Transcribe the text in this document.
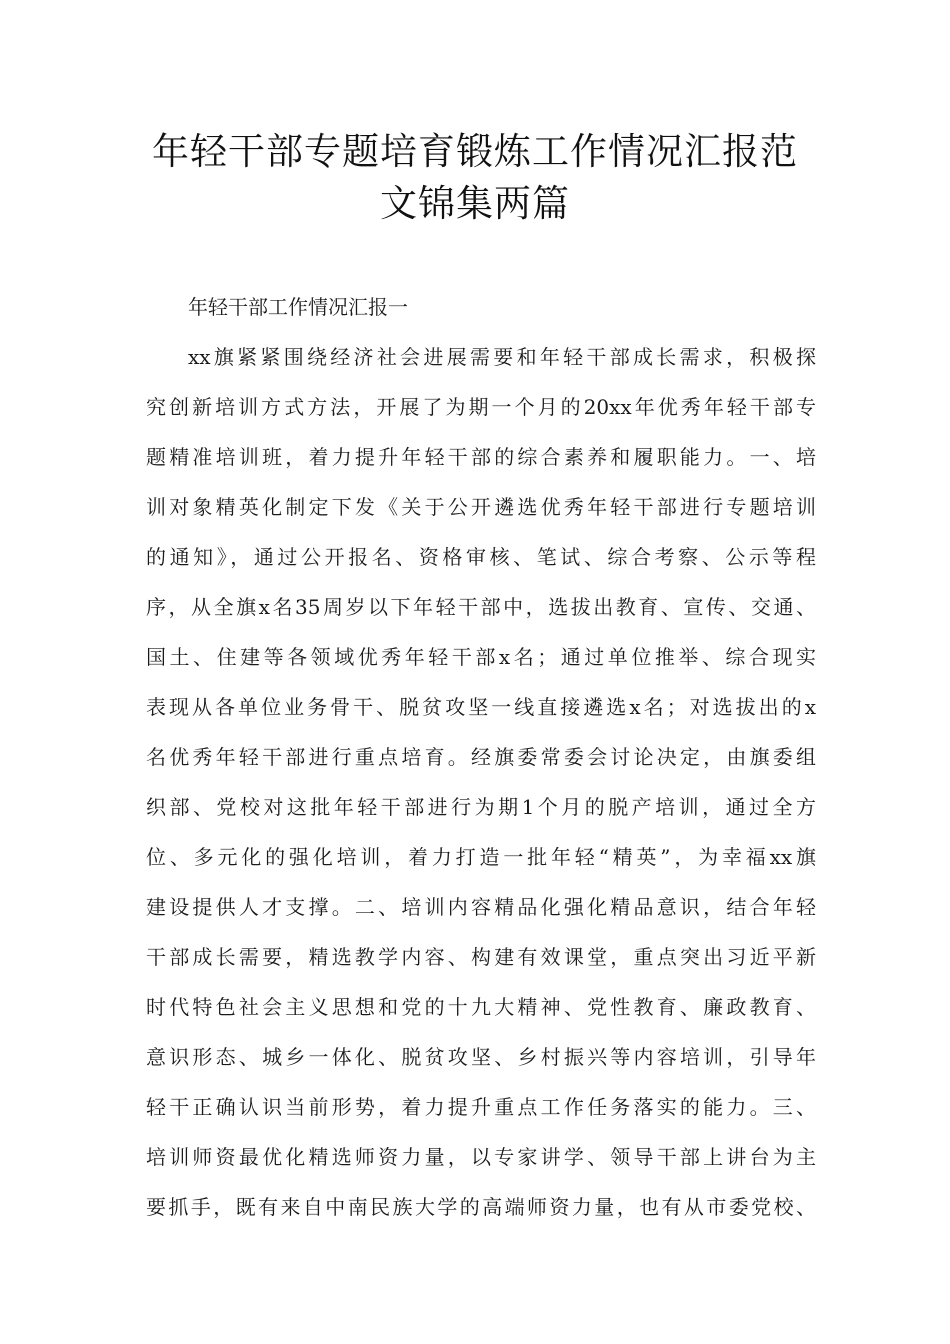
年轻干部专题培育锻炼工作情况汇报范
文锦集两篇
年轻干部工作情况汇报一
xx旗紧紧围绕经济社会进展需要和年轻干部成长需求，积极探
究创新培训方式方法，开展了为期一个月的20xx年优秀年轻干部专
题精准培训班，着力提升年轻干部的综合素养和履职能力。一、培
训对象精英化制定下发《关于公开遴选优秀年轻干部进行专题培训
的通知》，通过公开报名、资格审核、笔试、综合考察、公示等程
序，从全旗x名35周岁以下年轻干部中，选拔出教育、宣传、交通、
国土、住建等各领域优秀年轻干部x名；通过单位推举、综合现实
表现从各单位业务骨干、脱贫攻坚一线直接遴选x名；对选拔出的x
名优秀年轻干部进行重点培育。经旗委常委会讨论决定，由旗委组
织部、党校对这批年轻干部进行为期1个月的脱产培训，通过全方
位、多元化的强化培训，着力打造一批年轻“精英”，为幸福xx旗
建设提供人才支撑。二、培训内容精品化强化精品意识，结合年轻
干部成长需要，精选教学内容、构建有效课堂，重点突出习近平新
时代特色社会主义思想和党的十九大精神、党性教育、廉政教育、
意识形态、城乡一体化、脱贫攻坚、乡村振兴等内容培训，引导年
轻干正确认识当前形势，着力提升重点工作任务落实的能力。三、
培训师资最优化精选师资力量，以专家讲学、领导干部上讲台为主
要抓手，既有来自中南民族大学的高端师资力量，也有从市委党校、
